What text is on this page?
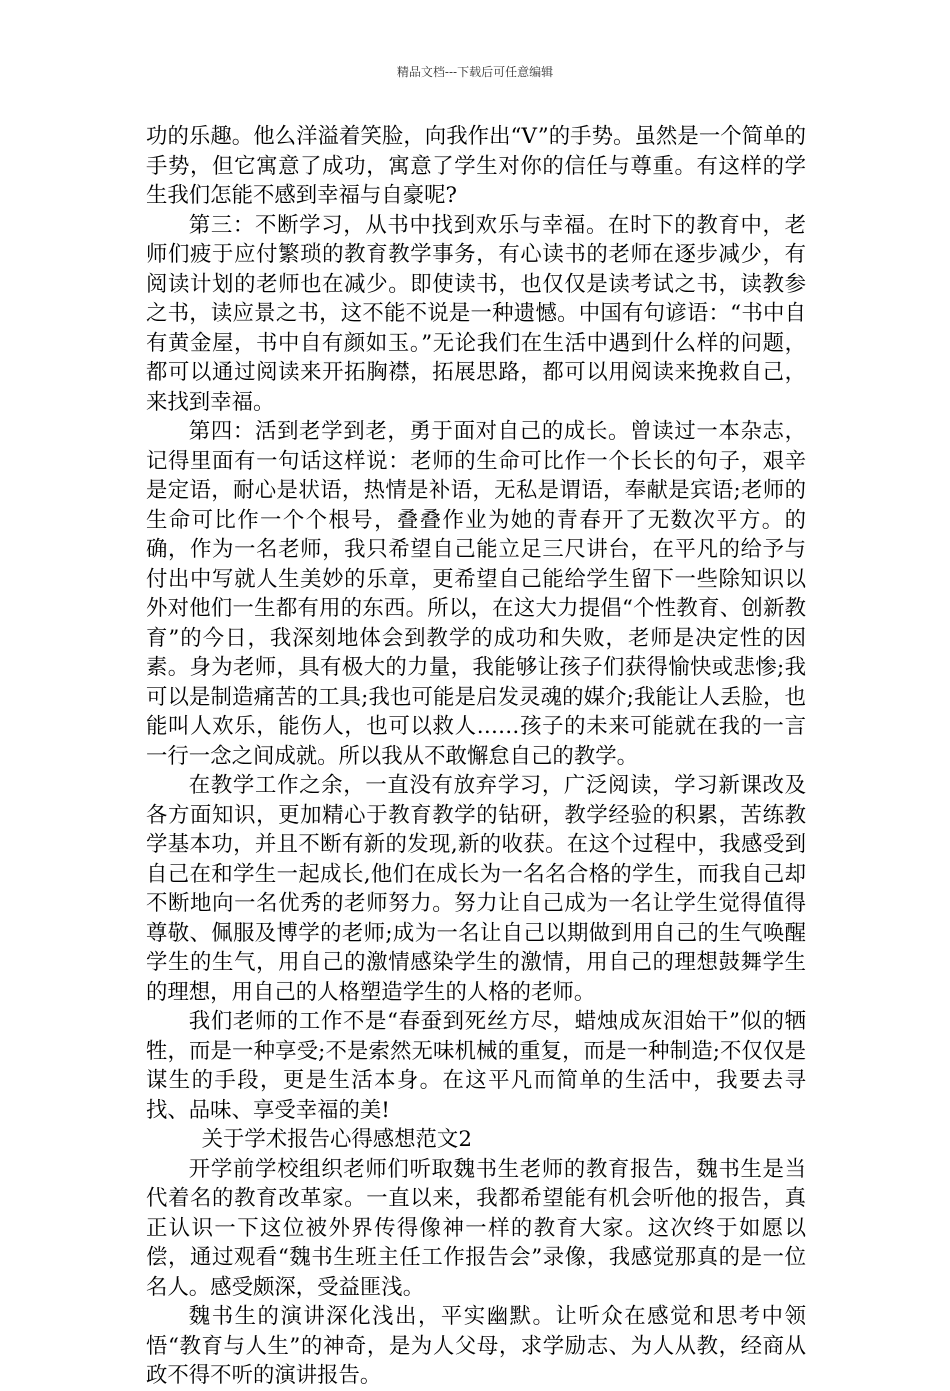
精品文档---下载后可任意编辑

功的乐趣。他么洋溢着笑脸，向我作出“V”的手势。虽然是一个简单的手势，但它寓意了成功，寓意了学生对你的信任与尊重。有这样的学生我们怎能不感到幸福与自豪呢?

第三：不断学习，从书中找到欢乐与幸福。在时下的教育中，老师们疲于应付繁琐的教育教学事务，有心读书的老师在逐步减少，有阅读计划的老师也在减少。即使读书，也仅仅是读考试之书，读教参之书，读应景之书，这不能不说是一种遗憾。中国有句谚语：“书中自有黄金屋，书中自有颜如玉。”无论我们在生活中遇到什么样的问题，都可以通过阅读来开拓胸襟，拓展思路，都可以用阅读来挽救自己，来找到幸福。

第四：活到老学到老，勇于面对自己的成长。曾读过一本杂志，记得里面有一句话这样说：老师的生命可比作一个长长的句子，艰辛是定语，耐心是状语，热情是补语，无私是谓语，奉献是宾语;老师的生命可比作一个个根号，叠叠作业为她的青春开了无数次平方。的确，作为一名老师，我只希望自己能立足三尺讲台，在平凡的给予与付出中写就人生美妙的乐章，更希望自己能给学生留下一些除知识以外对他们一生都有用的东西。所以，在这大力提倡“个性教育、创新教育”的今日，我深刻地体会到教学的成功和失败，老师是决定性的因素。身为老师，具有极大的力量，我能够让孩子们获得愉快或悲惨;我可以是制造痛苦的工具;我也可能是启发灵魂的媒介;我能让人丢脸，也能叫人欢乐，能伤人，也可以救人……孩子的未来可能就在我的一言一行一念之间成就。所以我从不敢懈怠自己的教学。

在教学工作之余，一直没有放弃学习，广泛阅读，学习新课改及各方面知识，更加精心于教育教学的钻研，教学经验的积累，苦练教学基本功，并且不断有新的发现,新的收获。在这个过程中，我感受到自己在和学生一起成长,他们在成长为一名名合格的学生，而我自己却不断地向一名优秀的老师努力。努力让自己成为一名让学生觉得值得尊敬、佩服及博学的老师;成为一名让自己以期做到用自己的生气唤醒学生的生气，用自己的激情感染学生的激情，用自己的理想鼓舞学生的理想，用自己的人格塑造学生的人格的老师。

我们老师的工作不是“春蚕到死丝方尽，蜡烛成灰泪始干”似的牺牲，而是一种享受;不是索然无味机械的重复，而是一种制造;不仅仅是谋生的手段，更是生活本身。在这平凡而简单的生活中，我要去寻找、品味、享受幸福的美!

关于学术报告心得感想范文2

开学前学校组织老师们听取魏书生老师的教育报告，魏书生是当代着名的教育改革家。一直以来，我都希望能有机会听他的报告，真正认识一下这位被外界传得像神一样的教育大家。这次终于如愿以偿，通过观看“魏书生班主任工作报告会”录像，我感觉那真的是一位名人。感受颇深，受益匪浅。

魏书生的演讲深化浅出，平实幽默。让听众在感觉和思考中领悟“教育与人生”的神奇，是为人父母，求学励志、为人从教，经商从政不得不听的演讲报告。
